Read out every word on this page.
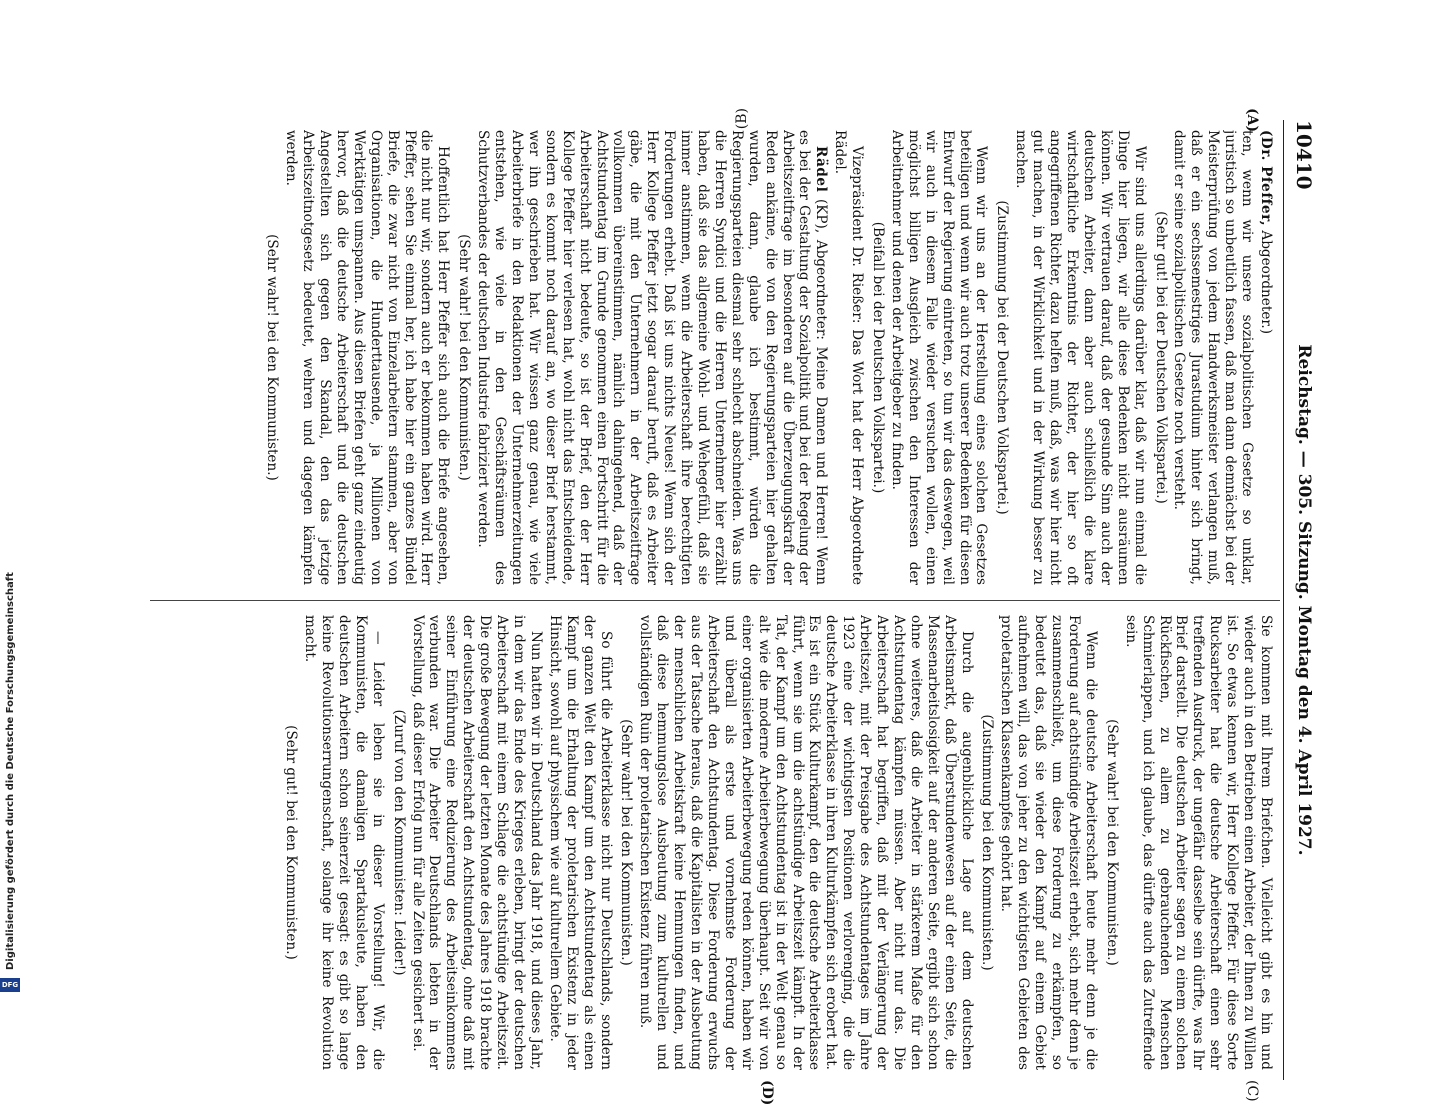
10410
Reichstag. — 305. Sitzung. Montag den 4. April 1927.
(A)
(B)
(C)
(D)

(Dr. Pfeffer, Abgeordneter.)

ten, wenn wir unsere sozialpolitischen Gesetze so unklar, juristisch so unbeutlich fassen, daß man dann demnächst bei der Meisterprüfung von jedem Handwerksmeister verlangen muß, daß er ein sechssemestriges Jurastudium hinter sich bringt, damit er seine sozialpolitischen Gesetze noch versteht.

(Sehr gut! bei der Deutschen Volkspartei.)

Wir sind uns allerdings darüber klar, daß wir nun einmal die Dinge hier liegen, wir alle diese Bedenken nicht ausräumen können. Wir vertrauen darauf, daß der gesunde Sinn auch der deutschen Arbeiter, dann aber auch schließlich die klare wirtschaftliche Erkenntnis der Richter, der hier so oft angegriffenen Richter, dazu helfen muß, daß, was wir hier nicht gut machen, in der Wirklichkeit und in der Wirkung besser zu machen.

(Zustimmung bei der Deutschen Volkspartei.)

Wenn wir uns an der Herstellung eines solchen Gesetzes beteiligen und wenn wir auch trotz unserer Bedenken für diesen Entwurf der Regierung eintreten, so tun wir das deswegen, weil wir auch in diesem Falle wieder versuchen wollen, einen möglichst billigen Ausgleich zwischen den Interessen der Arbeitnehmer und denen der Arbeitgeber zu finden.

(Beifall bei der Deutschen Volkspartei.)

Vizepräsident Dr. Rießer: Das Wort hat der Herr Abgeordnete Rädel.

Rädel (KP), Abgeordneter: Meine Damen und Herren! Wenn es bei der Gestaltung der Sozialpolitik und bei der Regelung der Arbeitszeitfrage im besonderen auf die Überzeugungskraft der Reden ankäme, die von den Regierungsparteien hier gehalten wurden, dann, glaube ich bestimmt, würden die Regierungsparteien diesmal sehr schlecht abschneiden. Was uns die Herren Syndici und die Herren Unternehmer hier erzählt haben, daß sie das allgemeine Wohl- und Wehegefühl, daß sie immer anstimmen, wenn die Arbeiterschaft ihre berechtigten Forderungen erhebt. Daß ist uns nichts Neues! Wenn sich der Herr Kollege Pfeffer jetzt sogar darauf beruft, daß es Arbeiter gäbe, die mit den Unternehmern in der Arbeitszeitfrage vollkommen übereinstimmen, nämlich dahingehend, daß der Achtstundentag im Grunde genommen einen Fortschritt für die Arbeiterschaft nicht bedeute, so ist der Brief, den der Herr Kollege Pfeffer hier verlesen hat, wohl nicht das Entscheidende, sondern es kommt noch darauf an, wo dieser Brief herstammt, wer ihn geschrieben hat. Wir wissen ganz genau, wie viele Arbeiterbriefe in den Redaktionen der Unternehmerzeitungen entstehen, wie viele in den Geschäftsräumen des Schutzverbandes der deutschen Industrie fabriziert werden.

(Sehr wahr! bei den Kommunisten.)

Hoffentlich hat Herr Pfeffer sich auch die Briefe angesehen, die nicht nur wir, sondern auch er bekommen haben wird. Herr Pfeffer, sehen Sie einmal her, ich habe hier ein ganzes Bündel Briefe, die zwar nicht von Einzelarbeitern stammen, aber von Organisationen, die Hunderttausende, ja Millionen von Werktätigen umspannen. Aus diesen Briefen geht ganz eindeutig hervor, daß die deutsche Arbeiterschaft und die deutschen Angestellten sich gegen den Skandal, den das jetzige Arbeitszeitnotgesetz bedeutet, wehren und dagegen kämpfen werden.

(Sehr wahr! bei den Kommunisten.)

Sie kommen mit Ihrem Briefchen. Vielleicht gibt es hin und wieder auch in den Betrieben einen Arbeiter, der Ihnen zu Willen ist. So etwas kennen wir, Herr Kollege Pfeffer. Für diese Sorte Rucksarbeiter hat die deutsche Arbeiterschaft einen sehr treffenden Ausdruck, der ungefähr dasselbe sein dürfte, was Ihr Brief darstellt. Die deutschen Arbeiter sagen zu einem solchen Rückfischen, zu allem zu gebrauchenden Menschen Schmierlappen, und ich glaube, das dürfte auch das Zutreffende sein.

(Sehr wahr! bei den Kommunisten.)

Wenn die deutsche Arbeiterschaft heute mehr denn je die Forderung auf achtstündige Arbeitszeit erhebt, sich mehr denn je zusammenschließt, um diese Forderung zu erkämpfen, so bedeutet das, daß sie wieder den Kampf auf einem Gebiet aufnehmen will, das von jeher zu den wichtigsten Gebieten des proletarischen Klassenkampfes gehört hat.

(Zustimmung bei den Kommunisten.)

Durch die augenblickliche Lage auf dem deutschen Arbeitsmarkt, daß Überstundenwesen auf der einen Seite, die Massenarbeitslosigkeit auf der anderen Seite, ergibt sich schon ohne weiteres, daß die Arbeiter in stärkerem Maße für den Achtstundentag kämpfen müssen. Aber nicht nur das. Die Arbeiterschaft hat begriffen, daß mit der Verlängerung der Arbeitszeit, mit der Preisgabe des Achtstundentages im Jahre 1923 eine der wichtigsten Positionen verlorenging, die die deutsche Arbeiterklasse in ihren Kulturkämpfen sich erobert hat. Es ist ein Stück Kulturkampf, den die deutsche Arbeiterklasse führt, wenn sie um die achtstündige Arbeitszeit kämpft. In der Tat, der Kampf um den Achtstundentag ist in der Welt genau so alt wie die moderne Arbeiterbewegung überhaupt. Seit wir von einer organisierten Arbeiterbewegung reden können, haben wir und überall als erste und vornehmste Forderung der Arbeiterschaft den Achtstundentag. Diese Forderung erwuchs aus der Tatsache heraus, daß die Kapitalisten in der Ausbeutung der menschlichen Arbeitskraft keine Hemmungen finden, und daß diese hemmungslose Ausbeutung zum kulturellen und vollständigen Ruin der proletarischen Existenz führen muß.

(Sehr wahr! bei den Kommunisten.)

So führt die Arbeiterklasse nicht nur Deutschlands, sondern der ganzen Welt den Kampf um den Achtstundentag als einen Kampf um die Erhaltung der proletarischen Existenz in jeder Hinsicht, sowohl auf physischem wie auf kulturellem Gebiete.

Nun hatten wir in Deutschland das Jahr 1918, und dieses Jahr, in dem wir das Ende des Krieges erleben, bringt der deutschen Arbeiterschaft mit einem Schlage die achtstündige Arbeitszeit. Die große Bewegung der letzten Monate des Jahres 1918 brachte der deutschen Arbeiterschaft den Achtstundentag, ohne daß mit seiner Einführung eine Reduzierung des Arbeitseinkommens verbunden war. Die Arbeiter Deutschlands lebten in der Vorstellung, daß dieser Erfolg nun für alle Zeiten gesichert sei.

(Zuruf von den Kommunisten: Leider!)

— Leider leben sie in dieser Vorstellung! Wir, die Kommunisten, die damaligen Spartakusleute, haben den deutschen Arbeitern schon seinerzeit gesagt: es gibt so lange keine Revolutionserrungenschaft, solange ihr keine Revolution macht.

(Sehr gut! bei den Kommunisten.)

Digitalisierung gefördert durch die Deutsche Forschungsgemeinschaft
DFG
